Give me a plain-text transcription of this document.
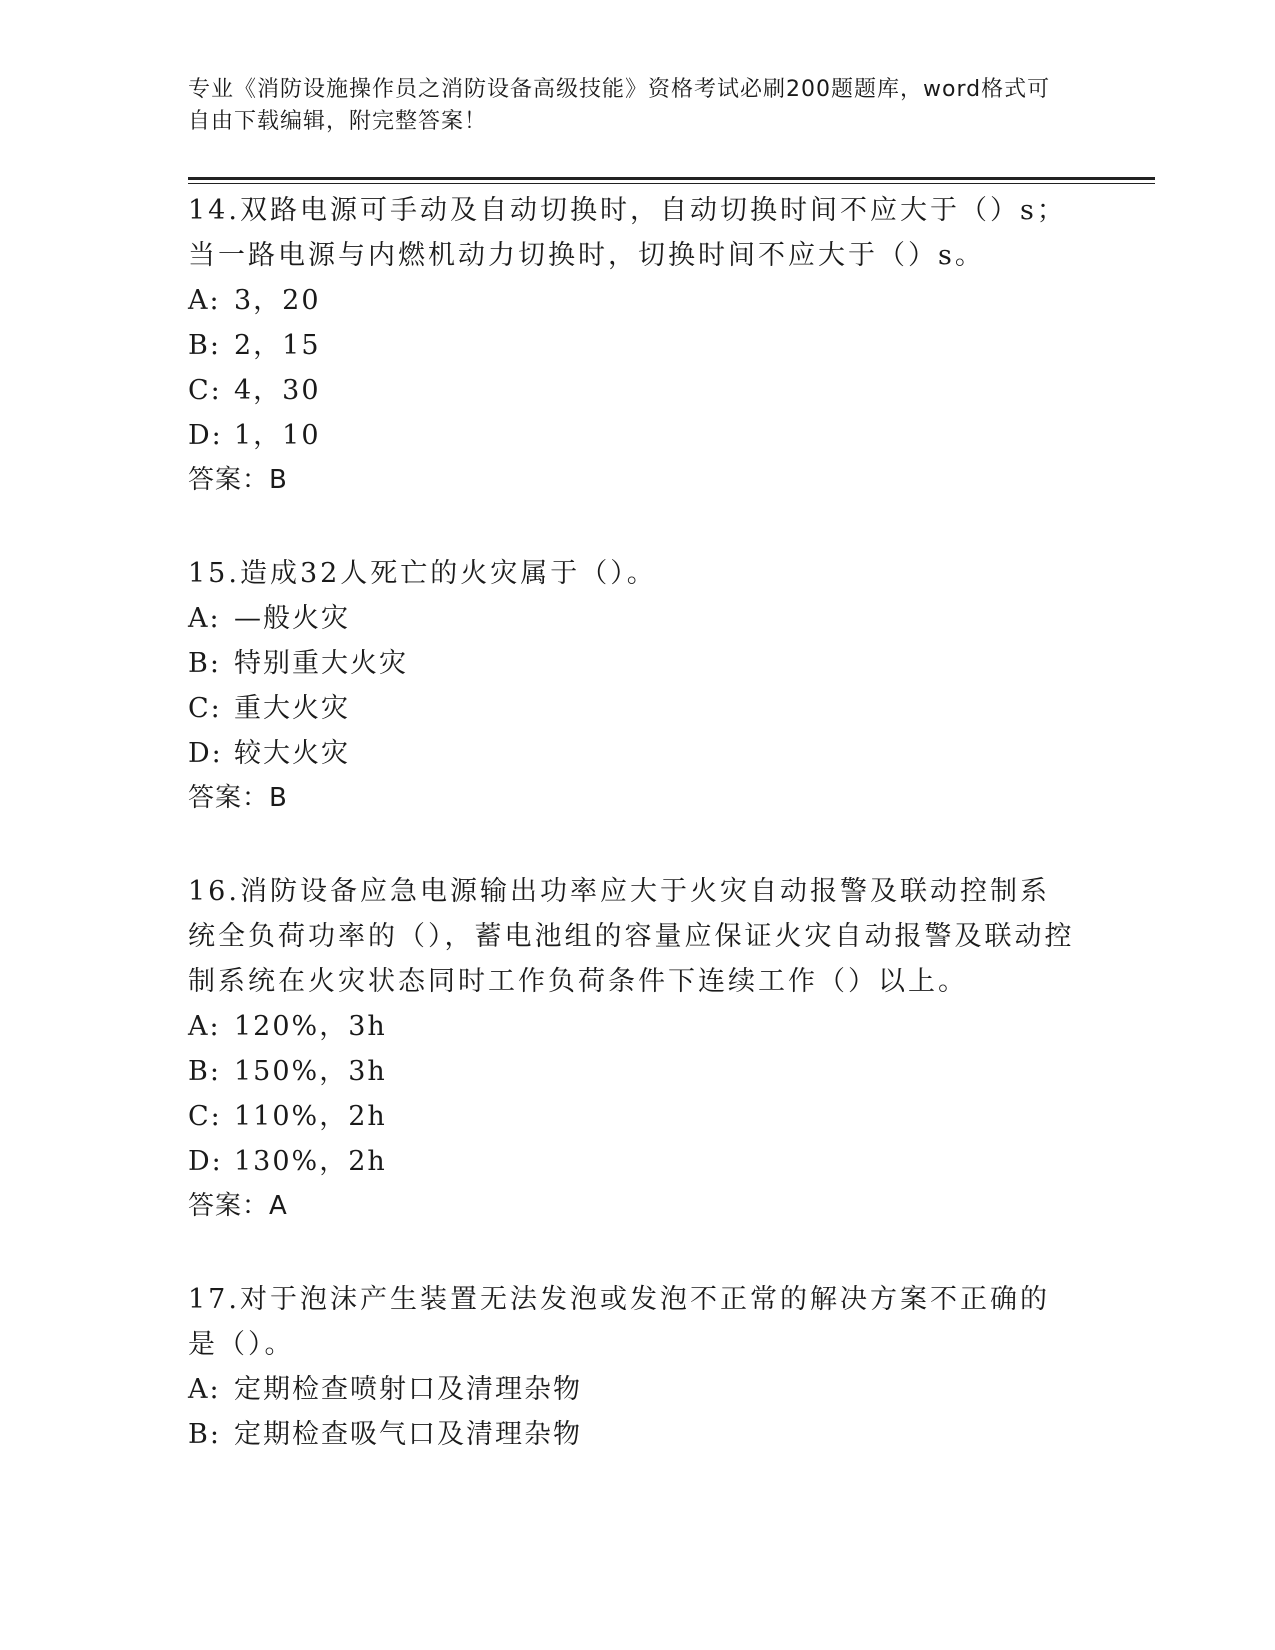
专业《消防设施操作员之消防设备高级技能》资格考试必刷200题题库，word格式可自由下载编辑，附完整答案！

14.双路电源可手动及自动切换时，自动切换时间不应大于（）s；当一路电源与内燃机动力切换时，切换时间不应大于（）s。

A: 3，20

B: 2，15

C: 4，30

D: 1，10

答案：B

15.造成32人死亡的火灾属于（）。

A: —般火灾

B: 特别重大火灾

C: 重大火灾

D: 较大火灾

答案：B

16.消防设备应急电源输出功率应大于火灾自动报警及联动控制系统全负荷功率的（），蓄电池组的容量应保证火灾自动报警及联动控制系统在火灾状态同时工作负荷条件下连续工作（）以上。

A: 120%，3h

B: 150%，3h

C: 110%，2h

D: 130%，2h

答案：A

17.对于泡沫产生装置无法发泡或发泡不正常的解决方案不正确的是（）。

A: 定期检查喷射口及清理杂物

B: 定期检查吸气口及清理杂物
